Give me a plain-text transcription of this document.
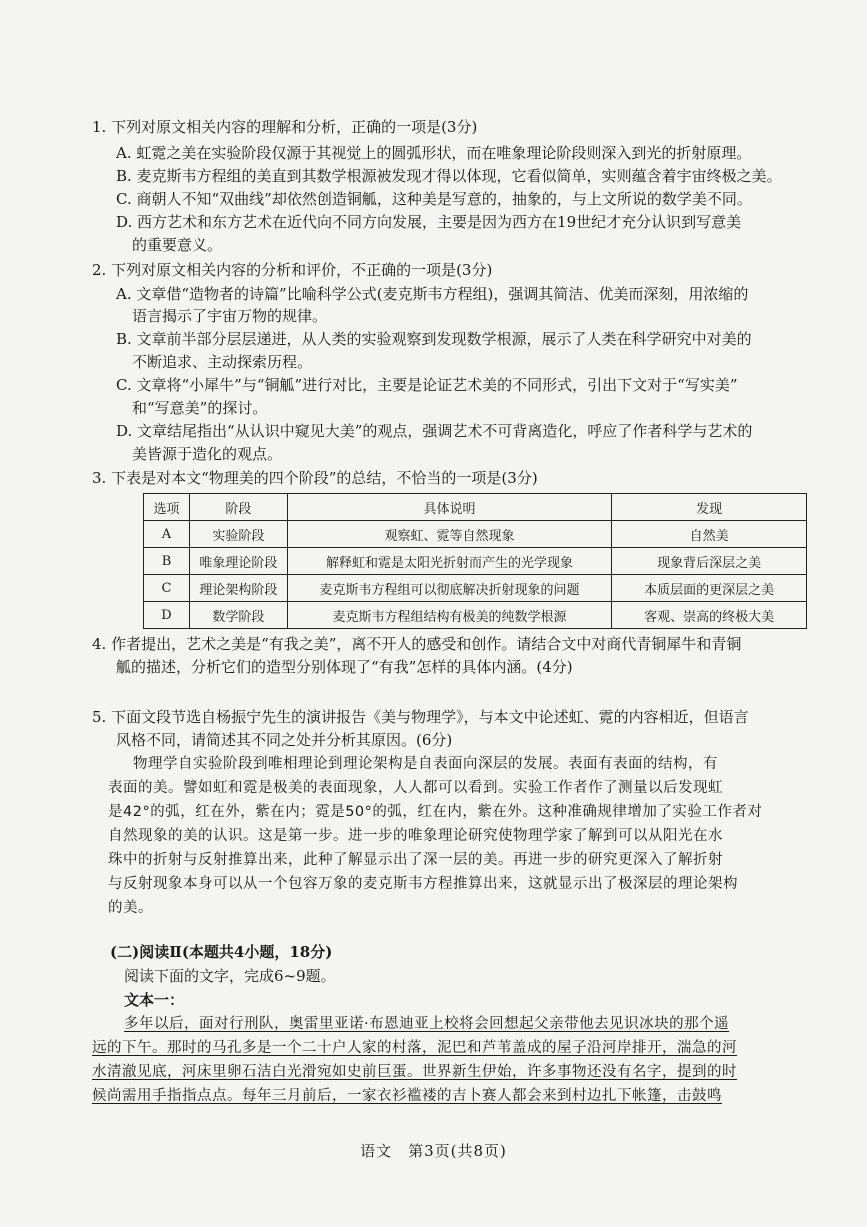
1. 下列对原文相关内容的理解和分析，正确的一项是(3分)
A. 虹霓之美在实验阶段仅源于其视觉上的圆弧形状，而在唯象理论阶段则深入到光的折射原理。
B. 麦克斯韦方程组的美直到其数学根源被发现才得以体现，它看似简单，实则蕴含着宇宙终极之美。
C. 商朝人不知“双曲线”却依然创造铜觚，这种美是写意的，抽象的，与上文所说的数学美不同。
D. 西方艺术和东方艺术在近代向不同方向发展，主要是因为西方在19世纪才充分认识到写意美
的重要意义。
2. 下列对原文相关内容的分析和评价，不正确的一项是(3分)
A. 文章借“造物者的诗篇”比喻科学公式(麦克斯韦方程组)，强调其简洁、优美而深刻，用浓缩的
语言揭示了宇宙万物的规律。
B. 文章前半部分层层递进，从人类的实验观察到发现数学根源，展示了人类在科学研究中对美的
不断追求、主动探索历程。
C. 文章将“小犀牛”与“铜觚”进行对比，主要是论证艺术美的不同形式，引出下文对于“写实美”
和“写意美”的探讨。
D. 文章结尾指出“从认识中窥见大美”的观点，强调艺术不可背离造化，呼应了作者科学与艺术的
美皆源于造化的观点。
3. 下表是对本文“物理美的四个阶段”的总结，不恰当的一项是(3分)
选项	阶段	具体说明	发现
A	实验阶段	观察虹、霓等自然现象	自然美
B	唯象理论阶段	解释虹和霓是太阳光折射而产生的光学现象	现象背后深层之美
C	理论架构阶段	麦克斯韦方程组可以彻底解决折射现象的问题	本质层面的更深层之美
D	数学阶段	麦克斯韦方程组结构有极美的纯数学根源	客观、崇高的终极大美
4. 作者提出，艺术之美是“有我之美”，离不开人的感受和创作。请结合文中对商代青铜犀牛和青铜
觚的描述，分析它们的造型分别体现了“有我”怎样的具体内涵。(4分)
5. 下面文段节选自杨振宁先生的演讲报告《美与物理学》，与本文中论述虹、霓的内容相近，但语言
风格不同，请简述其不同之处并分析其原因。(6分)
物理学自实验阶段到唯相理论到理论架构是自表面向深层的发展。表面有表面的结构，有
表面的美。譬如虹和霓是极美的表面现象，人人都可以看到。实验工作者作了测量以后发现虹
是42°的弧，红在外，紫在内；霓是50°的弧，红在内，紫在外。这种准确规律增加了实验工作者对
自然现象的美的认识。这是第一步。进一步的唯象理论研究使物理学家了解到可以从阳光在水
珠中的折射与反射推算出来，此种了解显示出了深一层的美。再进一步的研究更深入了解折射
与反射现象本身可以从一个包容万象的麦克斯韦方程推算出来，这就显示出了极深层的理论架构
的美。
(二)阅读Ⅱ(本题共4小题，18分)
阅读下面的文字，完成6~9题。
文本一：
多年以后，面对行刑队，奥雷里亚诺·布恩迪亚上校将会回想起父亲带他去见识冰块的那个遥
远的下午。那时的马孔多是一个二十户人家的村落，泥巴和芦苇盖成的屋子沿河岸排开，湍急的河
水清澈见底，河床里卵石洁白光滑宛如史前巨蛋。世界新生伊始，许多事物还没有名字，提到的时
候尚需用手指指点点。每年三月前后，一家衣衫褴褛的吉卜赛人都会来到村边扎下帐篷，击鼓鸣
语文　第3页(共8页)
